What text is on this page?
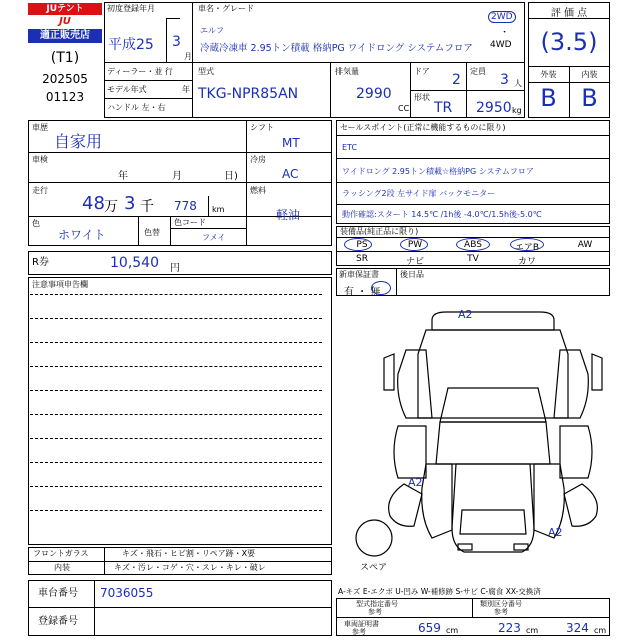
JUテント
JU
適正販売店
(T1)
202505
01123
初度登録年月
平成25 3
月
車名・グレード
エルフ
冷蔵冷凍車 2.95トン積載 格納PG ワイドロング システムフロア
2WD
・
4WD
ディーラー・並 行
モデル年式	年
ハンドル 左・右
型式
TKG-NPR85AN
排気量
2990
CC
ドア
2
定員
3 人
形状
TR 2950 kg
評 価 点
(3.5)
外装	内装
B	B
車歴
自家用
シフト
MT
車検
年	月	日)
冷房
AC
走行
48 万 3 千 778 km
燃料
軽油
色
ホワイト	色替
色コード
フメイ
R券	10,540 円
注意事項申告欄
セールスポイント(正常に機能するものに限り)
ETC
ワイドロング 2.95トン積載☆格納PG システムフロア
ラッシング2段 左サイド扉 バックモニター
動作確認:スタート 14.5℃ /1h後 -4.0℃/1.5h後-5.0℃
装備品(純正品に限り)
PS	PW	ABS	エアB	AW
SR	ナビ	TV	カワ
新車保証書
有 ・ 無
後日品
A2
A2
A2
スペア
フロントガラス	キズ・飛石・ヒビ割・リペア跡・X要
内装	キズ・汚レ・コゲ・穴・スレ・キレ・破レ
車台番号 7036055
登録番号
A-キズ E-エクボ U-凹み W-補修跡 S-サビ C-腐食 XX-交換済
型式指定番号
参考
類別区分番号
参考
車両証明書
参考	659 cm	223 cm 324 cm
